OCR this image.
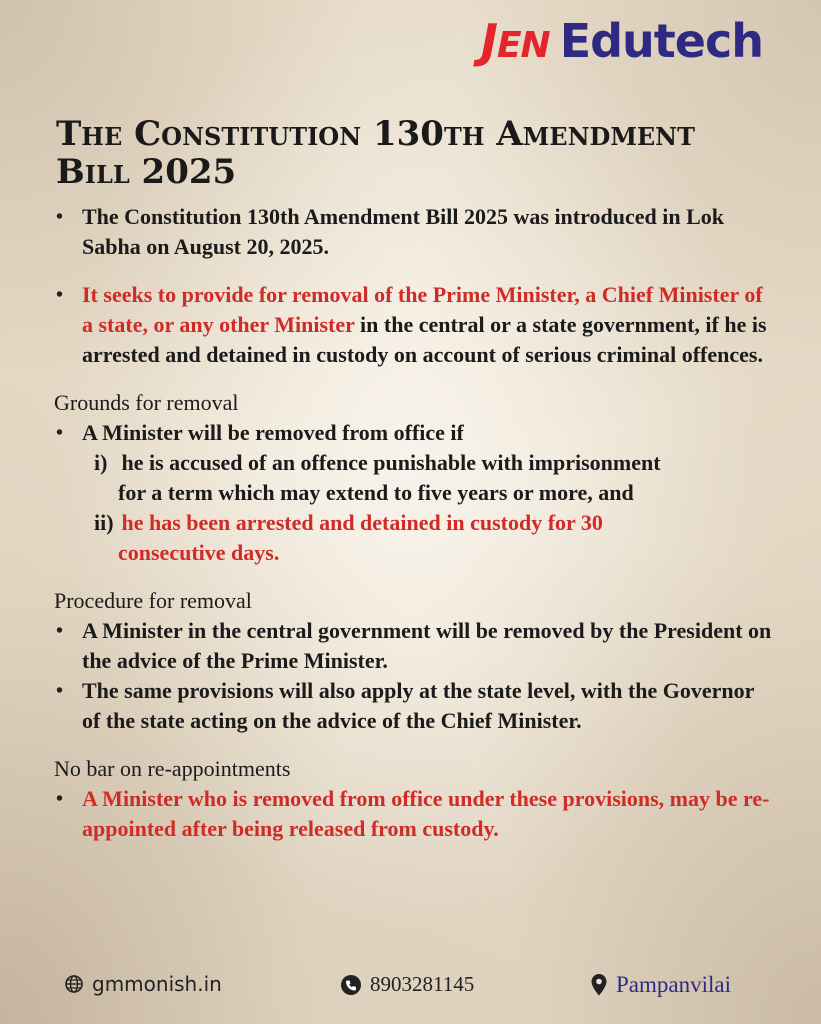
JEN Edutech
The Constitution 130th Amendment Bill 2025
• The Constitution 130th Amendment Bill 2025 was introduced in Lok Sabha on August 20, 2025.
• It seeks to provide for removal of the Prime Minister, a Chief Minister of a state, or any other Minister in the central or a state government, if he is arrested and detained in custody on account of serious criminal offences.
Grounds for removal
• A Minister will be removed from office if
i) he is accused of an offence punishable with imprisonment
for a term which may extend to five years or more, and
ii) he has been arrested and detained in custody for 30
consecutive days.
Procedure for removal
• A Minister in the central government will be removed by the President on the advice of the Prime Minister.
• The same provisions will also apply at the state level, with the Governor of the state acting on the advice of the Chief Minister.
No bar on re-appointments
• A Minister who is removed from office under these provisions, may be re-appointed after being released from custody.
gmmonish.in	8903281145	Pampanvilai
